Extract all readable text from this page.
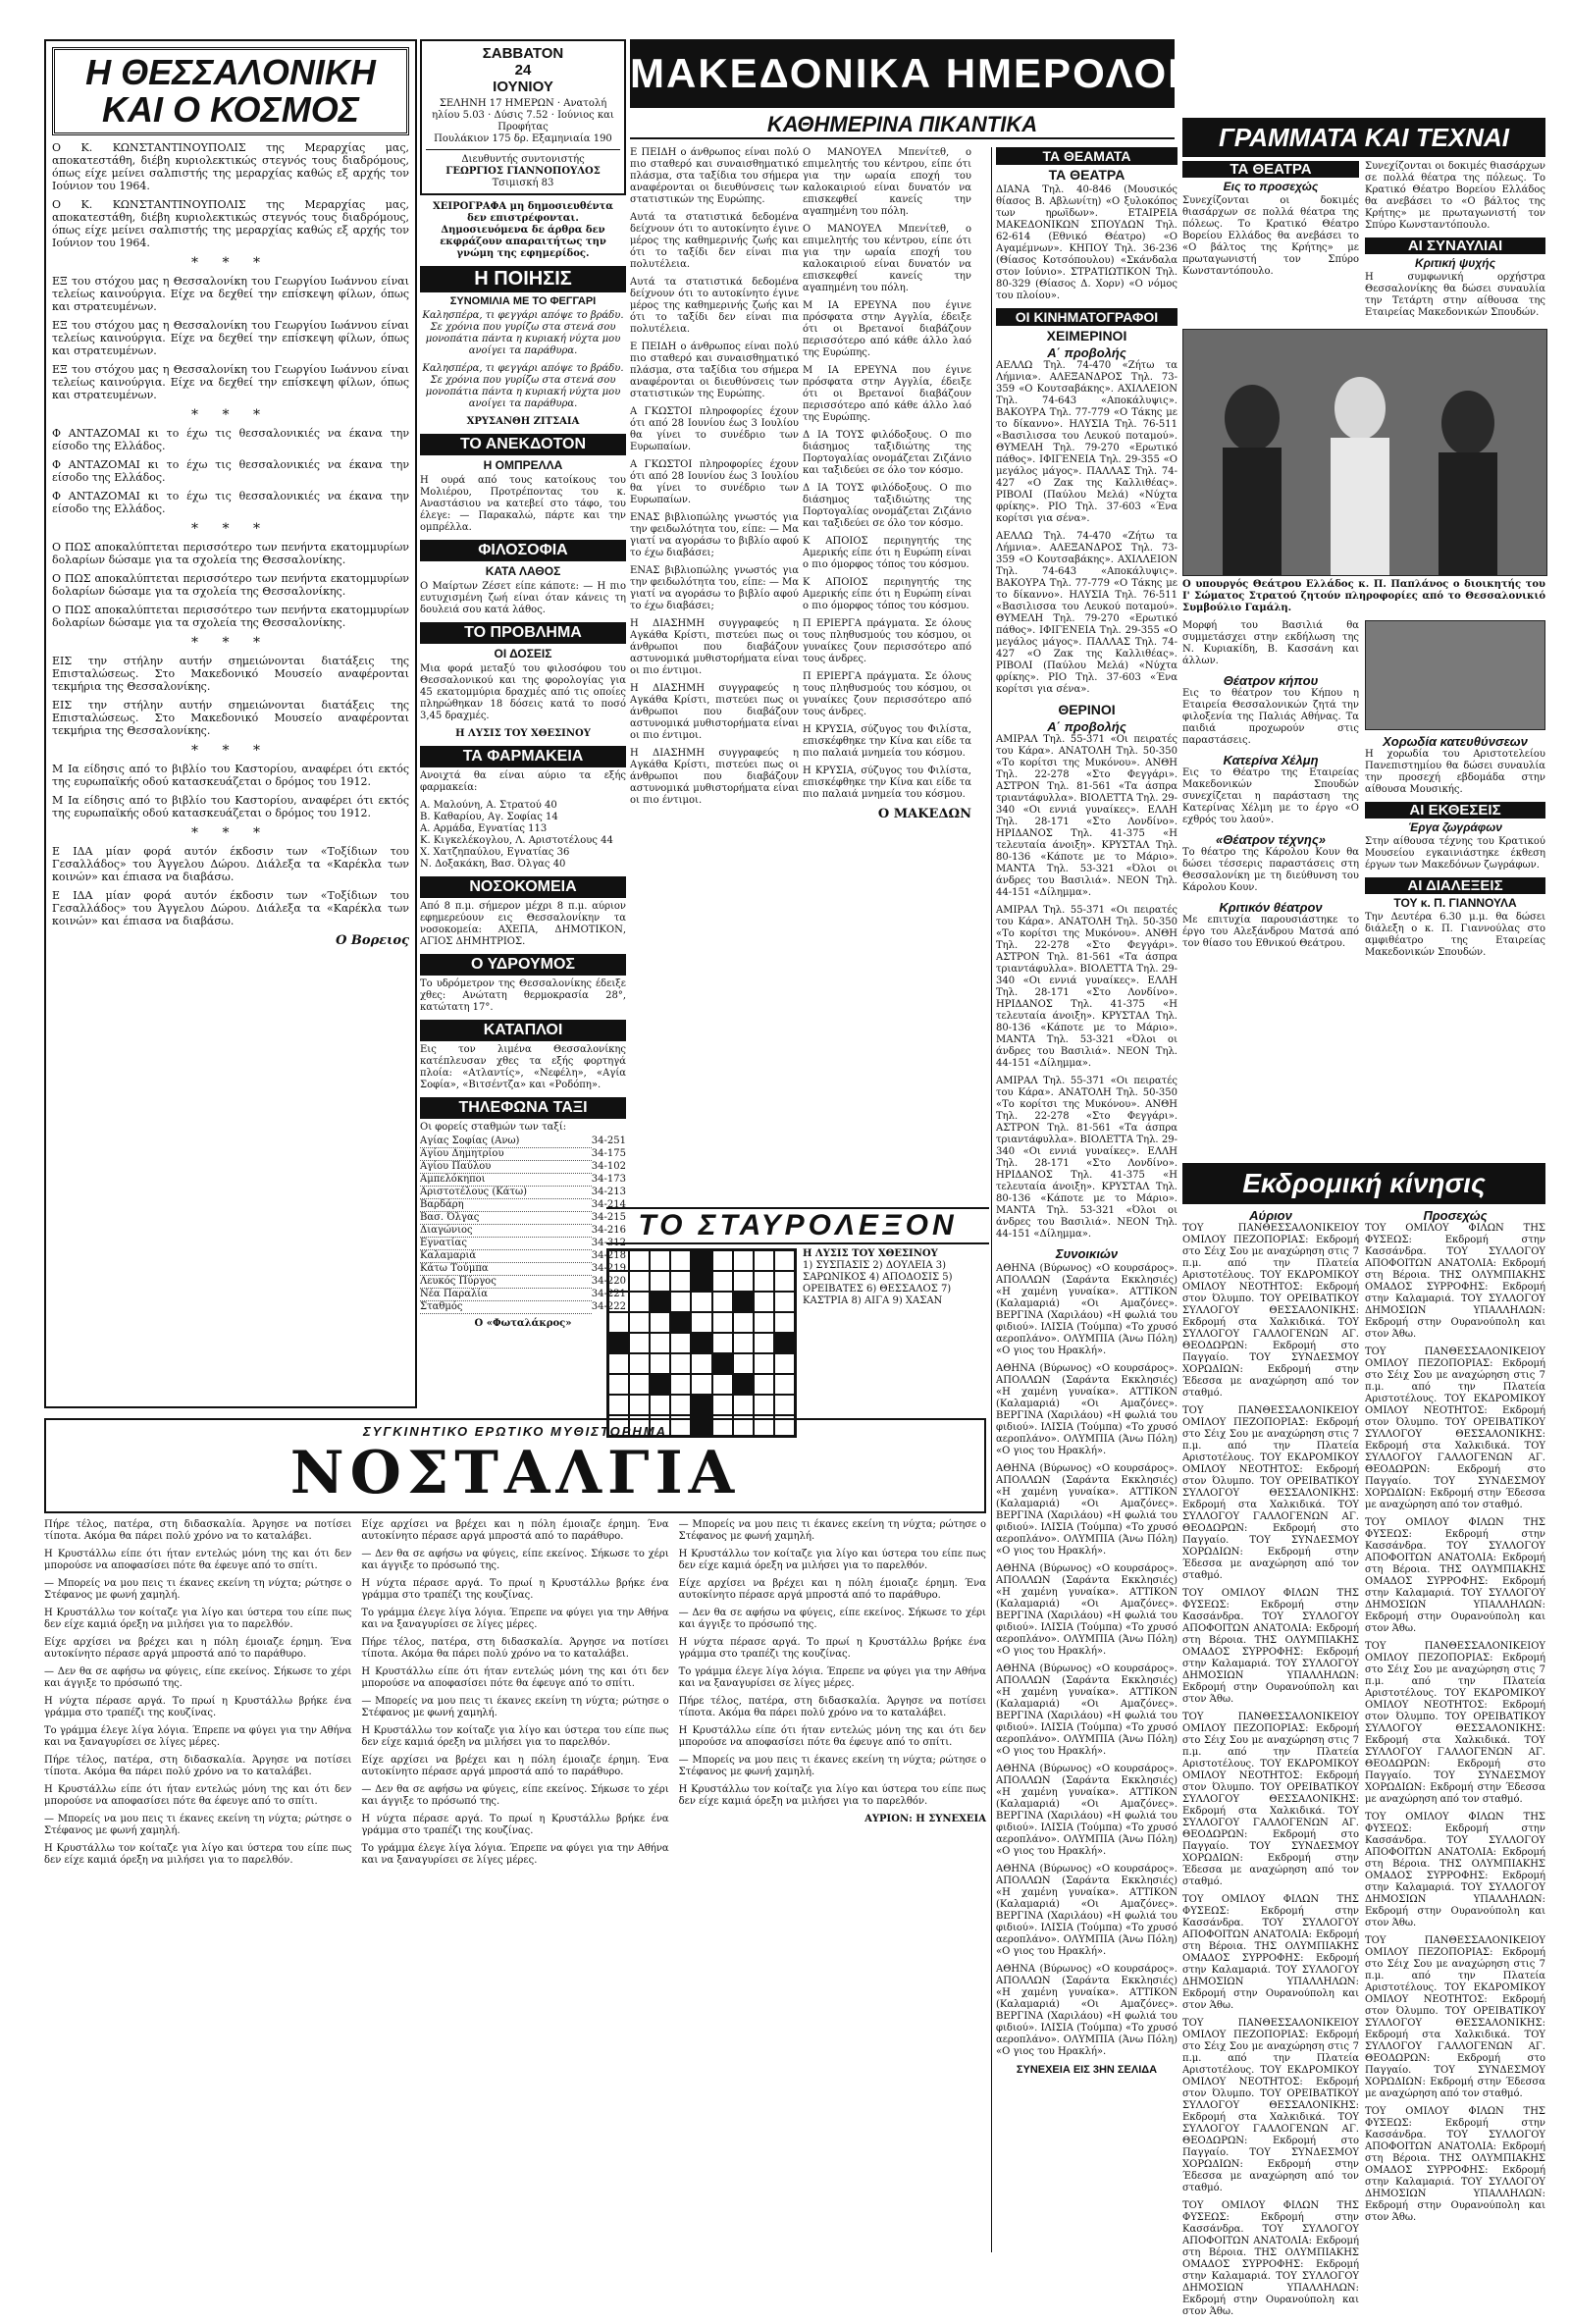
Η ΘΕΣΣΑΛΟΝΙΚΗ
ΚΑΙ Ο ΚΟΣΜΟΣ

Ο Κ. ΚΩΝΣΤΑΝΤΙΝΟΥΠΟΛΙΣ της Μεραρχίας μας, αποκατεστάθη, διέβη κυριολεκτικώς στεγνός τους διαδρόμους, όπως είχε μείνει σαλπιστής της μεραρχίας καθώς εξ αρχής τον Ιούνιον του 1964.

Ο Κ. ΚΩΝΣΤΑΝΤΙΝΟΥΠΟΛΙΣ της Μεραρχίας μας, αποκατεστάθη, διέβη κυριολεκτικώς στεγνός τους διαδρόμους, όπως είχε μείνει σαλπιστής της μεραρχίας καθώς εξ αρχής τον Ιούνιον του 1964.

* * *

ΕΞ του στόχου μας η Θεσσαλονίκη του Γεωργίου Ιωάννου είναι τελείως καινούργια. Είχε να δεχθεί την επίσκεψη φίλων, όπως και στρατευμένων.

ΕΞ του στόχου μας η Θεσσαλονίκη του Γεωργίου Ιωάννου είναι τελείως καινούργια. Είχε να δεχθεί την επίσκεψη φίλων, όπως και στρατευμένων.

ΕΞ του στόχου μας η Θεσσαλονίκη του Γεωργίου Ιωάννου είναι τελείως καινούργια. Είχε να δεχθεί την επίσκεψη φίλων, όπως και στρατευμένων.

* * *

Φ ΑΝΤΑΖΟΜΑΙ κι το έχω τις θεσσαλονικιές να έκανα την είσοδο της Ελλάδος.

Φ ΑΝΤΑΖΟΜΑΙ κι το έχω τις θεσσαλονικιές να έκανα την είσοδο της Ελλάδος.

Φ ΑΝΤΑΖΟΜΑΙ κι το έχω τις θεσσαλονικιές να έκανα την είσοδο της Ελλάδος.

* * *

Ο ΠΩΣ αποκαλύπτεται περισσότερο των πενήντα εκατομμυρίων δολαρίων δώσαμε για τα σχολεία της Θεσσαλονίκης.

Ο ΠΩΣ αποκαλύπτεται περισσότερο των πενήντα εκατομμυρίων δολαρίων δώσαμε για τα σχολεία της Θεσσαλονίκης.

Ο ΠΩΣ αποκαλύπτεται περισσότερο των πενήντα εκατομμυρίων δολαρίων δώσαμε για τα σχολεία της Θεσσαλονίκης.

* * *

ΕΙΣ την στήλην αυτήν σημειώνονται διατάξεις της Επισταλώσεως. Στο Μακεδονικό Μουσείο αναφέρονται τεκμήρια της Θεσσαλονίκης.

ΕΙΣ την στήλην αυτήν σημειώνονται διατάξεις της Επισταλώσεως. Στο Μακεδονικό Μουσείο αναφέρονται τεκμήρια της Θεσσαλονίκης.

* * *

Μ Ια είδησις από το βιβλίο του Καστορίου, αναφέρει ότι εκτός της ευρωπαϊκής οδού κατασκευάζεται ο δρόμος του 1912.

Μ Ια είδησις από το βιβλίο του Καστορίου, αναφέρει ότι εκτός της ευρωπαϊκής οδού κατασκευάζεται ο δρόμος του 1912.

* * *

Ε ΙΔΑ μίαν φορά αυτόν έκδοσιν των «Τοξίδιων του Γεσαλλάδος» του Άγγελου Δώρου. Διάλεξα τα «Καρέκλα των κοινών» και έπιασα να διαβάσω.

Ε ΙΔΑ μίαν φορά αυτόν έκδοσιν των «Τοξίδιων του Γεσαλλάδος» του Άγγελου Δώρου. Διάλεξα τα «Καρέκλα των κοινών» και έπιασα να διαβάσω.

Ο Βορειος
ΣΑΒΒΑΤΟΝ
24
ΙΟΥΝΙΟΥ
ΣΕΛΗΝΗ 17 ΗΜΕΡΩΝ · Ανατολή ηλίου 5.03 · Δύσις 7.52 · Ιούνιος και Προφήτας
Πουλάκιον 175 δρ. Εξαμηνιαία 190
Διευθυντής συντονιστής
ΓΕΩΡΓΙΟΣ ΓΙΑΝΝΟΠΟΥΛΟΣ
Τσιμισκή 83
ΧΕΙΡΟΓΡΑΦΑ μη δημοσιευθέντα δεν επιστρέφονται. Δημοσιευόμενα δε άρθρα δεν εκφράζουν απαραιτήτως την γνώμη της εφημερίδος.
Η ΠΟΙΗΣΙΣ
ΣΥΝΟΜΙΛΙΑ ΜΕ ΤΟ ΦΕΓΓΑΡΙ

Καλησπέρα, τι φεγγάρι απόψε το βράδυ. Σε χρόνια που γυρίζω στα στενά σου μονοπάτια πάντα η κυριακή νύχτα μου ανοίγει τα παράθυρα.

Καλησπέρα, τι φεγγάρι απόψε το βράδυ. Σε χρόνια που γυρίζω στα στενά σου μονοπάτια πάντα η κυριακή νύχτα μου ανοίγει τα παράθυρα.

ΧΡΥΣΑΝΘΗ ΖΙΤΣΑΙΑ
ΤΟ ΑΝΕΚΔΟΤΟΝ
Η ΟΜΠΡΕΛΛΑ

Η ουρά από τους κατοίκους του Μολιέρου, Προτρέποντας του κ. Αναστάσιου να κατεβεί στο τάφο, του έλεγε: — Παρακαλώ, πάρτε και την ομπρέλλα.

ΦΙΛΟΣΟΦΙΑ
ΚΑΤΑ ΛΑΘΟΣ

Ο Μαίρτων Ζέσετ είπε κάποτε: — Η πιο ευτυχισμένη ζωή είναι όταν κάνεις τη δουλειά σου κατά λάθος.

ΤΟ ΠΡΟΒΛΗΜΑ
ΟΙ ΔΟΣΕΙΣ

Μια φορά μεταξύ του φιλοσόφου του Θεσσαλονικού και της φορολογίας για 45 εκατομμύρια δραχμές από τις οποίες πληρώθηκαν 18 δόσεις κατά το ποσό 3,45 δραχμές.

Η ΛΥΣΙΣ ΤΟΥ ΧΘΕΣΙΝΟΥ
ΤΑ ΦΑΡΜΑΚΕΙΑ

Ανοιχτά θα είναι αύριο τα εξής φαρμακεία:

Α. Μαλούνη, Α. Στρατού 40
Β. Καθαρίου, Αγ. Σοφίας 14
Α. Αρμάδα, Εγνατίας 113
Κ. Κιγκελέκογλου, Λ. Αριστοτέλους 44
Χ. Χατζηπαύλου, Εγνατίας 36
Ν. Δοξακάκη, Βασ. Όλγας 40
ΝΟΣΟΚΟΜΕΙΑ

Από 8 π.μ. σήμερον μέχρι 8 π.μ. αύριον εφημερεύουν εις Θεσσαλονίκην τα νοσοκομεία: ΑΧΕΠΑ, ΔΗΜΟΤΙΚΟΝ, ΑΓΙΟΣ ΔΗΜΗΤΡΙΟΣ.

Ο ΥΔΡΟΥΜΟΣ

Το υδρόμετρον της Θεσσαλονίκης έδειξε χθες: Ανώτατη θερμοκρασία 28°, κατώτατη 17°.

ΚΑΤΑΠΛΟΙ

Εις τον λιμένα Θεσσαλονίκης κατέπλευσαν χθες τα εξής φορτηγά πλοία: «Ατλαντίς», «Νεφέλη», «Αγία Σοφία», «Βιτσέντζα» και «Ροδόπη».

ΤΗΛΕΦΩΝΑ ΤΑΞΙ

Οι φορείς σταθμών των ταξί:

Αγίας Σοφίας (Ανω)	34-251
Αγίου Δημητρίου	34-175
Αγίου Παύλου	34-102
Αμπελόκηποι	34-173
Αριστοτέλους (Κάτω)	34-213
Βαρδάρη	34-214
Βασ. Όλγας	34-215
Διαγώνιος	34-216
Εγνατίας	34-312
Καλαμαριά	34-218
Κάτω Τούμπα	34-219
Λευκός Πύργος	34-220
Νέα Παραλία	34-221
Σταθμός	34-222
Ο «Φωταλάκρος»
ΜΑΚΕΔΟΝΙΚΑ ΗΜΕΡΟΛΟΓΙΑ
ΚΑΘΗΜΕΡΙΝΑ ΠΙΚΑΝΤΙΚΑ

Ε ΠΕΙΔΗ ο άνθρωπος είναι πολύ πιο σταθερό και συναισθηματικό πλάσμα, στα ταξίδια του σήμερα αναφέρονται οι διευθύνσεις των στατιστικών της Ευρώπης.

Αυτά τα στατιστικά δεδομένα δείχνουν ότι το αυτοκίνητο έγινε μέρος της καθημερινής ζωής και ότι το ταξίδι δεν είναι πια πολυτέλεια.

Αυτά τα στατιστικά δεδομένα δείχνουν ότι το αυτοκίνητο έγινε μέρος της καθημερινής ζωής και ότι το ταξίδι δεν είναι πια πολυτέλεια.

Ε ΠΕΙΔΗ ο άνθρωπος είναι πολύ πιο σταθερό και συναισθηματικό πλάσμα, στα ταξίδια του σήμερα αναφέρονται οι διευθύνσεις των στατιστικών της Ευρώπης.

Α ΓΚΩΣΤΟΙ πληροφορίες έχουν ότι από 28 Ιουνίου έως 3 Ιουλίου θα γίνει το συνέδριο των Ευρωπαίων.

Α ΓΚΩΣΤΟΙ πληροφορίες έχουν ότι από 28 Ιουνίου έως 3 Ιουλίου θα γίνει το συνέδριο των Ευρωπαίων.

ΕΝΑΣ βιβλιοπώλης γνωστός για την φειδωλότητα του, είπε: — Μα γιατί να αγοράσω το βιβλίο αφού το έχω διαβάσει;

ΕΝΑΣ βιβλιοπώλης γνωστός για την φειδωλότητα του, είπε: — Μα γιατί να αγοράσω το βιβλίο αφού το έχω διαβάσει;

Η ΔΙΑΣΗΜΗ συγγραφεύς η Αγκάθα Κρίστι, πιστεύει πως οι άνθρωποι που διαβάζουν αστυνομικά μυθιστορήματα είναι οι πιο έντιμοι.

Η ΔΙΑΣΗΜΗ συγγραφεύς η Αγκάθα Κρίστι, πιστεύει πως οι άνθρωποι που διαβάζουν αστυνομικά μυθιστορήματα είναι οι πιο έντιμοι.

Η ΔΙΑΣΗΜΗ συγγραφεύς η Αγκάθα Κρίστι, πιστεύει πως οι άνθρωποι που διαβάζουν αστυνομικά μυθιστορήματα είναι οι πιο έντιμοι.

Ο ΜΑΝΟΥΕΛ Μπενίτεθ, ο επιμελητής του κέντρου, είπε ότι για την ωραία εποχή του καλοκαιριού είναι δυνατόν να επισκεφθεί κανείς την αγαπημένη του πόλη.

Ο ΜΑΝΟΥΕΛ Μπενίτεθ, ο επιμελητής του κέντρου, είπε ότι για την ωραία εποχή του καλοκαιριού είναι δυνατόν να επισκεφθεί κανείς την αγαπημένη του πόλη.

Μ ΙΑ ΕΡΕΥΝΑ που έγινε πρόσφατα στην Αγγλία, έδειξε ότι οι Βρετανοί διαβάζουν περισσότερο από κάθε άλλο λαό της Ευρώπης.

Μ ΙΑ ΕΡΕΥΝΑ που έγινε πρόσφατα στην Αγγλία, έδειξε ότι οι Βρετανοί διαβάζουν περισσότερο από κάθε άλλο λαό της Ευρώπης.

Δ ΙΑ ΤΟΥΣ φιλόδοξους. Ο πιο διάσημος ταξιδιώτης της Πορτογαλίας ονομάζεται Ζιζάνιο και ταξιδεύει σε όλο τον κόσμο.

Δ ΙΑ ΤΟΥΣ φιλόδοξους. Ο πιο διάσημος ταξιδιώτης της Πορτογαλίας ονομάζεται Ζιζάνιο και ταξιδεύει σε όλο τον κόσμο.

Κ ΑΠΟΙΟΣ περιηγητής της Αμερικής είπε ότι η Ευρώπη είναι ο πιο όμορφος τόπος του κόσμου.

Κ ΑΠΟΙΟΣ περιηγητής της Αμερικής είπε ότι η Ευρώπη είναι ο πιο όμορφος τόπος του κόσμου.

Π ΕΡΙΕΡΓΑ πράγματα. Σε όλους τους πληθυσμούς του κόσμου, οι γυναίκες ζουν περισσότερο από τους άνδρες.

Π ΕΡΙΕΡΓΑ πράγματα. Σε όλους τους πληθυσμούς του κόσμου, οι γυναίκες ζουν περισσότερο από τους άνδρες.

Η ΚΡΥΣΙΑ, σύζυγος του Φιλίστα, επισκέφθηκε την Κίνα και είδε τα πιο παλαιά μνημεία του κόσμου.

Η ΚΡΥΣΙΑ, σύζυγος του Φιλίστα, επισκέφθηκε την Κίνα και είδε τα πιο παλαιά μνημεία του κόσμου.

Ο ΜΑΚΕΔΩΝ
ΤΟ ΣΤΑΥΡΟΛΕΞΟΝ
Η ΛΥΣΙΣ ΤΟΥ ΧΘΕΣΙΝΟΥ
1) ΣΥΣΠΑΣΙΣ 2) ΔΟΥΛΕΙΑ 3) ΣΑΡΩΝΙΚΟΣ 4) ΑΠΟΔΟΣΙΣ 5) ΟΡΕΙΒΑΤΕΣ 6) ΘΕΣΣΑΛΟΣ 7) ΚΑΣΤΡΙΑ 8) ΑΙΓΑ 9) ΧΑΣΑΝ
ΤΑ ΘΕΑΜΑΤΑ
ΤΑ ΘΕΑΤΡΑ

ΔΙΑΝΑ Τηλ. 40-846 (Μουσικός θίασος Β. Αβλωνίτη) «Ο ξυλοκόπος των ηρωϊδων». ΕΤΑΙΡΕΙΑ ΜΑΚΕΔΟΝΙΚΩΝ ΣΠΟΥΔΩΝ Τηλ. 62-614 (Εθνικό Θέατρο) «Ο Αγαμέμνων». ΚΗΠΟΥ Τηλ. 36-236 (Θίασος Κοτσόπουλου) «Σκάνδαλα στον Ιούνιο». ΣΤΡΑΤΙΩΤΙΚΟΝ Τηλ. 80-329 (Θίασος Δ. Χορν) «Ο νόμος του πλοίου».

ΟΙ ΚΙΝΗΜΑΤΟΓΡΑΦΟΙ
ΧΕΙΜΕΡΙΝΟΙ
Α΄ προβολής

ΑΕΛΛΩ Τηλ. 74-470 «Ζήτω τα Λήμνια». ΑΛΕΞΑΝΔΡΟΣ Τηλ. 73-359 «Ο Κουτσαβάκης». ΑΧΙΛΛΕΙΟΝ Τηλ. 74-643 «Αποκάλυψις». ΒΑΚΟΥΡΑ Τηλ. 77-779 «Ο Τάκης με το δίκαννο». ΗΛΥΣΙΑ Τηλ. 76-511 «Βασιλισσα του Λευκού ποταμού». ΘΥΜΕΛΗ Τηλ. 79-270 «Ερωτικό πάθος». ΙΦΙΓΕΝΕΙΑ Τηλ. 29-355 «Ο μεγάλος μάγος». ΠΑΛΛΑΣ Τηλ. 74-427 «Ο Ζακ της Καλλιθέας». ΡΙΒΟΛΙ (Παύλου Μελά) «Νύχτα φρίκης». ΡΙΟ Τηλ. 37-603 «Ένα κορίτσι για σένα».

ΑΕΛΛΩ Τηλ. 74-470 «Ζήτω τα Λήμνια». ΑΛΕΞΑΝΔΡΟΣ Τηλ. 73-359 «Ο Κουτσαβάκης». ΑΧΙΛΛΕΙΟΝ Τηλ. 74-643 «Αποκάλυψις». ΒΑΚΟΥΡΑ Τηλ. 77-779 «Ο Τάκης με το δίκαννο». ΗΛΥΣΙΑ Τηλ. 76-511 «Βασιλισσα του Λευκού ποταμού». ΘΥΜΕΛΗ Τηλ. 79-270 «Ερωτικό πάθος». ΙΦΙΓΕΝΕΙΑ Τηλ. 29-355 «Ο μεγάλος μάγος». ΠΑΛΛΑΣ Τηλ. 74-427 «Ο Ζακ της Καλλιθέας». ΡΙΒΟΛΙ (Παύλου Μελά) «Νύχτα φρίκης». ΡΙΟ Τηλ. 37-603 «Ένα κορίτσι για σένα».

ΘΕΡΙΝΟΙ
Α΄ προβολής

ΑΜΙΡΑΛ Τηλ. 55-371 «Οι πειρατές του Κάρα». ΑΝΑΤΟΛΗ Τηλ. 50-350 «Το κορίτσι της Μυκόνου». ΑΝΘΗ Τηλ. 22-278 «Στο Φεγγάρι». ΑΣΤΡΟΝ Τηλ. 81-561 «Τα άσπρα τριαντάφυλλα». ΒΙΟΛΕΤΤΑ Τηλ. 29-340 «Οι εννιά γυναίκες». ΕΛΛΗ Τηλ. 28-171 «Στο Λονδίνο». ΗΡΙΔΑΝΟΣ Τηλ. 41-375 «Η τελευταία άνοιξη». ΚΡΥΣΤΑΛ Τηλ. 80-136 «Κάποτε με το Μάριο». ΜΑΝΤΑ Τηλ. 53-321 «Όλοι οι άνδρες του Βασιλιά». ΝΕΟΝ Τηλ. 44-151 «Δίλημμα».

ΑΜΙΡΑΛ Τηλ. 55-371 «Οι πειρατές του Κάρα». ΑΝΑΤΟΛΗ Τηλ. 50-350 «Το κορίτσι της Μυκόνου». ΑΝΘΗ Τηλ. 22-278 «Στο Φεγγάρι». ΑΣΤΡΟΝ Τηλ. 81-561 «Τα άσπρα τριαντάφυλλα». ΒΙΟΛΕΤΤΑ Τηλ. 29-340 «Οι εννιά γυναίκες». ΕΛΛΗ Τηλ. 28-171 «Στο Λονδίνο». ΗΡΙΔΑΝΟΣ Τηλ. 41-375 «Η τελευταία άνοιξη». ΚΡΥΣΤΑΛ Τηλ. 80-136 «Κάποτε με το Μάριο». ΜΑΝΤΑ Τηλ. 53-321 «Όλοι οι άνδρες του Βασιλιά». ΝΕΟΝ Τηλ. 44-151 «Δίλημμα».

ΑΜΙΡΑΛ Τηλ. 55-371 «Οι πειρατές του Κάρα». ΑΝΑΤΟΛΗ Τηλ. 50-350 «Το κορίτσι της Μυκόνου». ΑΝΘΗ Τηλ. 22-278 «Στο Φεγγάρι». ΑΣΤΡΟΝ Τηλ. 81-561 «Τα άσπρα τριαντάφυλλα». ΒΙΟΛΕΤΤΑ Τηλ. 29-340 «Οι εννιά γυναίκες». ΕΛΛΗ Τηλ. 28-171 «Στο Λονδίνο». ΗΡΙΔΑΝΟΣ Τηλ. 41-375 «Η τελευταία άνοιξη». ΚΡΥΣΤΑΛ Τηλ. 80-136 «Κάποτε με το Μάριο». ΜΑΝΤΑ Τηλ. 53-321 «Όλοι οι άνδρες του Βασιλιά». ΝΕΟΝ Τηλ. 44-151 «Δίλημμα».

Συνοικιών

ΑΘΗΝΑ (Βύρωνος) «Ο κουρσάρος». ΑΠΟΛΛΩΝ (Σαράντα Εκκλησιές) «Η χαμένη γυναίκα». ΑΤΤΙΚΟΝ (Καλαμαριά) «Οι Αμαζόνες». ΒΕΡΓΙΝΑ (Χαριλάου) «Η φωλιά του φιδιού». ΙΛΙΣΙΑ (Τούμπα) «Το χρυσό αεροπλάνο». ΟΛΥΜΠΙΑ (Άνω Πόλη) «Ο γιος του Ηρακλή».

ΑΘΗΝΑ (Βύρωνος) «Ο κουρσάρος». ΑΠΟΛΛΩΝ (Σαράντα Εκκλησιές) «Η χαμένη γυναίκα». ΑΤΤΙΚΟΝ (Καλαμαριά) «Οι Αμαζόνες». ΒΕΡΓΙΝΑ (Χαριλάου) «Η φωλιά του φιδιού». ΙΛΙΣΙΑ (Τούμπα) «Το χρυσό αεροπλάνο». ΟΛΥΜΠΙΑ (Άνω Πόλη) «Ο γιος του Ηρακλή».

ΑΘΗΝΑ (Βύρωνος) «Ο κουρσάρος». ΑΠΟΛΛΩΝ (Σαράντα Εκκλησιές) «Η χαμένη γυναίκα». ΑΤΤΙΚΟΝ (Καλαμαριά) «Οι Αμαζόνες». ΒΕΡΓΙΝΑ (Χαριλάου) «Η φωλιά του φιδιού». ΙΛΙΣΙΑ (Τούμπα) «Το χρυσό αεροπλάνο». ΟΛΥΜΠΙΑ (Άνω Πόλη) «Ο γιος του Ηρακλή».

ΑΘΗΝΑ (Βύρωνος) «Ο κουρσάρος». ΑΠΟΛΛΩΝ (Σαράντα Εκκλησιές) «Η χαμένη γυναίκα». ΑΤΤΙΚΟΝ (Καλαμαριά) «Οι Αμαζόνες». ΒΕΡΓΙΝΑ (Χαριλάου) «Η φωλιά του φιδιού». ΙΛΙΣΙΑ (Τούμπα) «Το χρυσό αεροπλάνο». ΟΛΥΜΠΙΑ (Άνω Πόλη) «Ο γιος του Ηρακλή».

ΑΘΗΝΑ (Βύρωνος) «Ο κουρσάρος». ΑΠΟΛΛΩΝ (Σαράντα Εκκλησιές) «Η χαμένη γυναίκα». ΑΤΤΙΚΟΝ (Καλαμαριά) «Οι Αμαζόνες». ΒΕΡΓΙΝΑ (Χαριλάου) «Η φωλιά του φιδιού». ΙΛΙΣΙΑ (Τούμπα) «Το χρυσό αεροπλάνο». ΟΛΥΜΠΙΑ (Άνω Πόλη) «Ο γιος του Ηρακλή».

ΑΘΗΝΑ (Βύρωνος) «Ο κουρσάρος». ΑΠΟΛΛΩΝ (Σαράντα Εκκλησιές) «Η χαμένη γυναίκα». ΑΤΤΙΚΟΝ (Καλαμαριά) «Οι Αμαζόνες». ΒΕΡΓΙΝΑ (Χαριλάου) «Η φωλιά του φιδιού». ΙΛΙΣΙΑ (Τούμπα) «Το χρυσό αεροπλάνο». ΟΛΥΜΠΙΑ (Άνω Πόλη) «Ο γιος του Ηρακλή».

ΑΘΗΝΑ (Βύρωνος) «Ο κουρσάρος». ΑΠΟΛΛΩΝ (Σαράντα Εκκλησιές) «Η χαμένη γυναίκα». ΑΤΤΙΚΟΝ (Καλαμαριά) «Οι Αμαζόνες». ΒΕΡΓΙΝΑ (Χαριλάου) «Η φωλιά του φιδιού». ΙΛΙΣΙΑ (Τούμπα) «Το χρυσό αεροπλάνο». ΟΛΥΜΠΙΑ (Άνω Πόλη) «Ο γιος του Ηρακλή».

ΑΘΗΝΑ (Βύρωνος) «Ο κουρσάρος». ΑΠΟΛΛΩΝ (Σαράντα Εκκλησιές) «Η χαμένη γυναίκα». ΑΤΤΙΚΟΝ (Καλαμαριά) «Οι Αμαζόνες». ΒΕΡΓΙΝΑ (Χαριλάου) «Η φωλιά του φιδιού». ΙΛΙΣΙΑ (Τούμπα) «Το χρυσό αεροπλάνο». ΟΛΥΜΠΙΑ (Άνω Πόλη) «Ο γιος του Ηρακλή».

ΣΥΝΕΧΕΙΑ ΕΙΣ 3ΗΝ ΣΕΛΙΔΑ
ΓΡΑΜΜΑΤΑ ΚΑΙ ΤΕΧΝΑΙ
ΤΑ ΘΕΑΤΡΑ
Εις το προσεχώς

Συνεχίζονται οι δοκιμές θιασάρχων σε πολλά θέατρα της πόλεως. Το Κρατικό Θέατρο Βορείου Ελλάδος θα ανεβάσει το «Ο βάλτος της Κρήτης» με πρωταγωνιστή τον Σπύρο Κωνσταντόπουλο.

Συνεχίζονται οι δοκιμές θιασάρχων σε πολλά θέατρα της πόλεως. Το Κρατικό Θέατρο Βορείου Ελλάδος θα ανεβάσει το «Ο βάλτος της Κρήτης» με πρωταγωνιστή τον Σπύρο Κωνσταντόπουλο.

ΑΙ ΣΥΝΑΥΛΙΑΙ
Κριτική ψυχής

Η συμφωνική ορχήστρα Θεσσαλονίκης θα δώσει συναυλία την Τετάρτη στην αίθουσα της Εταιρείας Μακεδονικών Σπουδών.

Ο υπουργός Θεάτρου Ελλάδος κ. Π. Παπλάνος ο διοικητής του Ι' Σώματος Στρατού ζητούν πληροφορίες από το Θεσσαλονικιό Συμβούλιο Γαμάλη.

Μορφή του Βασιλιά θα συμμετάσχει στην εκδήλωση της Ν. Κυριακίδη, Β. Κασσάνη και άλλων.

Θέατρον κήπου

Εις το θέατρον του Κήπου η Εταιρεία Θεσσαλονικών ζητά την φιλοξενία της Παλιάς Αθήνας. Τα παιδιά προχωρούν στις παραστάσεις.

Κατερίνα Χέλμη

Εις το Θέατρο της Εταιρείας Μακεδονικών Σπουδών συνεχίζεται η παράσταση της Κατερίνας Χέλμη με το έργο «Ο εχθρός του λαού».

«Θέατρον τέχνης»

Το θέατρο της Κάρολου Κουν θα δώσει τέσσερις παραστάσεις στη Θεσσαλονίκη με τη διεύθυνση του Κάρολου Κουν.

Κριτικόν θέατρον

Με επιτυχία παρουσιάστηκε το έργο του Αλεξάνδρου Ματσά από τον θίασο του Εθνικού Θεάτρου.

Χορωδία κατευθύνσεων

Η χορωδία του Αριστοτελείου Πανεπιστημίου θα δώσει συναυλία την προσεχή εβδομάδα στην αίθουσα Μουσικής.

ΑΙ ΕΚΘΕΣΕΙΣ
Έργα ζωγράφων

Στην αίθουσα τέχνης του Κρατικού Μουσείου εγκαινιάστηκε έκθεση έργων των Μακεδόνων ζωγράφων.

ΑΙ ΔΙΑΛΕΞΕΙΣ
ΤΟΥ κ. Π. ΓΙΑΝΝΟΥΛΑ

Την Δευτέρα 6.30 μ.μ. θα δώσει διάλεξη ο κ. Π. Γιαννούλας στο αμφιθέατρο της Εταιρείας Μακεδονικών Σπουδών.

Εκδρομική κίνησις
Αύριον

ΤΟΥ ΠΑΝΘΕΣΣΑΛΟΝΙΚΕΙΟΥ ΟΜΙΛΟΥ ΠΕΖΟΠΟΡΙΑΣ: Εκδρομή στο Σέιχ Σου με αναχώρηση στις 7 π.μ. από την Πλατεία Αριστοτέλους. ΤΟΥ ΕΚΔΡΟΜΙΚΟΥ ΟΜΙΛΟΥ ΝΕΟΤΗΤΟΣ: Εκδρομή στον Όλυμπο. ΤΟΥ ΟΡΕΙΒΑΤΙΚΟΥ ΣΥΛΛΟΓΟΥ ΘΕΣΣΑΛΟΝΙΚΗΣ: Εκδρομή στα Χαλκιδικά. ΤΟΥ ΣΥΛΛΟΓΟΥ ΓΑΛΛΟΓΕΝΩΝ ΑΓ. ΘΕΟΔΩΡΩΝ: Εκδρομή στο Παγγαίο. ΤΟΥ ΣΥΝΔΕΣΜΟΥ ΧΟΡΩΔΙΩΝ: Εκδρομή στην Έδεσσα με αναχώρηση από τον σταθμό.

ΤΟΥ ΠΑΝΘΕΣΣΑΛΟΝΙΚΕΙΟΥ ΟΜΙΛΟΥ ΠΕΖΟΠΟΡΙΑΣ: Εκδρομή στο Σέιχ Σου με αναχώρηση στις 7 π.μ. από την Πλατεία Αριστοτέλους. ΤΟΥ ΕΚΔΡΟΜΙΚΟΥ ΟΜΙΛΟΥ ΝΕΟΤΗΤΟΣ: Εκδρομή στον Όλυμπο. ΤΟΥ ΟΡΕΙΒΑΤΙΚΟΥ ΣΥΛΛΟΓΟΥ ΘΕΣΣΑΛΟΝΙΚΗΣ: Εκδρομή στα Χαλκιδικά. ΤΟΥ ΣΥΛΛΟΓΟΥ ΓΑΛΛΟΓΕΝΩΝ ΑΓ. ΘΕΟΔΩΡΩΝ: Εκδρομή στο Παγγαίο. ΤΟΥ ΣΥΝΔΕΣΜΟΥ ΧΟΡΩΔΙΩΝ: Εκδρομή στην Έδεσσα με αναχώρηση από τον σταθμό.

ΤΟΥ ΟΜΙΛΟΥ ΦΙΛΩΝ ΤΗΣ ΦΥΣΕΩΣ: Εκδρομή στην Κασσάνδρα. ΤΟΥ ΣΥΛΛΟΓΟΥ ΑΠΟΦΟΙΤΩΝ ΑΝΑΤΟΛΙΑ: Εκδρομή στη Βέροια. ΤΗΣ ΟΛΥΜΠΙΑΚΗΣ ΟΜΑΔΟΣ ΣΥΡΡΟΦΗΣ: Εκδρομή στην Καλαμαριά. ΤΟΥ ΣΥΛΛΟΓΟΥ ΔΗΜΟΣΙΩΝ ΥΠΑΛΛΗΛΩΝ: Εκδρομή στην Ουρανούπολη και στον Άθω.

ΤΟΥ ΠΑΝΘΕΣΣΑΛΟΝΙΚΕΙΟΥ ΟΜΙΛΟΥ ΠΕΖΟΠΟΡΙΑΣ: Εκδρομή στο Σέιχ Σου με αναχώρηση στις 7 π.μ. από την Πλατεία Αριστοτέλους. ΤΟΥ ΕΚΔΡΟΜΙΚΟΥ ΟΜΙΛΟΥ ΝΕΟΤΗΤΟΣ: Εκδρομή στον Όλυμπο. ΤΟΥ ΟΡΕΙΒΑΤΙΚΟΥ ΣΥΛΛΟΓΟΥ ΘΕΣΣΑΛΟΝΙΚΗΣ: Εκδρομή στα Χαλκιδικά. ΤΟΥ ΣΥΛΛΟΓΟΥ ΓΑΛΛΟΓΕΝΩΝ ΑΓ. ΘΕΟΔΩΡΩΝ: Εκδρομή στο Παγγαίο. ΤΟΥ ΣΥΝΔΕΣΜΟΥ ΧΟΡΩΔΙΩΝ: Εκδρομή στην Έδεσσα με αναχώρηση από τον σταθμό.

ΤΟΥ ΟΜΙΛΟΥ ΦΙΛΩΝ ΤΗΣ ΦΥΣΕΩΣ: Εκδρομή στην Κασσάνδρα. ΤΟΥ ΣΥΛΛΟΓΟΥ ΑΠΟΦΟΙΤΩΝ ΑΝΑΤΟΛΙΑ: Εκδρομή στη Βέροια. ΤΗΣ ΟΛΥΜΠΙΑΚΗΣ ΟΜΑΔΟΣ ΣΥΡΡΟΦΗΣ: Εκδρομή στην Καλαμαριά. ΤΟΥ ΣΥΛΛΟΓΟΥ ΔΗΜΟΣΙΩΝ ΥΠΑΛΛΗΛΩΝ: Εκδρομή στην Ουρανούπολη και στον Άθω.

ΤΟΥ ΠΑΝΘΕΣΣΑΛΟΝΙΚΕΙΟΥ ΟΜΙΛΟΥ ΠΕΖΟΠΟΡΙΑΣ: Εκδρομή στο Σέιχ Σου με αναχώρηση στις 7 π.μ. από την Πλατεία Αριστοτέλους. ΤΟΥ ΕΚΔΡΟΜΙΚΟΥ ΟΜΙΛΟΥ ΝΕΟΤΗΤΟΣ: Εκδρομή στον Όλυμπο. ΤΟΥ ΟΡΕΙΒΑΤΙΚΟΥ ΣΥΛΛΟΓΟΥ ΘΕΣΣΑΛΟΝΙΚΗΣ: Εκδρομή στα Χαλκιδικά. ΤΟΥ ΣΥΛΛΟΓΟΥ ΓΑΛΛΟΓΕΝΩΝ ΑΓ. ΘΕΟΔΩΡΩΝ: Εκδρομή στο Παγγαίο. ΤΟΥ ΣΥΝΔΕΣΜΟΥ ΧΟΡΩΔΙΩΝ: Εκδρομή στην Έδεσσα με αναχώρηση από τον σταθμό.

ΤΟΥ ΟΜΙΛΟΥ ΦΙΛΩΝ ΤΗΣ ΦΥΣΕΩΣ: Εκδρομή στην Κασσάνδρα. ΤΟΥ ΣΥΛΛΟΓΟΥ ΑΠΟΦΟΙΤΩΝ ΑΝΑΤΟΛΙΑ: Εκδρομή στη Βέροια. ΤΗΣ ΟΛΥΜΠΙΑΚΗΣ ΟΜΑΔΟΣ ΣΥΡΡΟΦΗΣ: Εκδρομή στην Καλαμαριά. ΤΟΥ ΣΥΛΛΟΓΟΥ ΔΗΜΟΣΙΩΝ ΥΠΑΛΛΗΛΩΝ: Εκδρομή στην Ουρανούπολη και στον Άθω.

Προσεχώς

ΤΟΥ ΟΜΙΛΟΥ ΦΙΛΩΝ ΤΗΣ ΦΥΣΕΩΣ: Εκδρομή στην Κασσάνδρα. ΤΟΥ ΣΥΛΛΟΓΟΥ ΑΠΟΦΟΙΤΩΝ ΑΝΑΤΟΛΙΑ: Εκδρομή στη Βέροια. ΤΗΣ ΟΛΥΜΠΙΑΚΗΣ ΟΜΑΔΟΣ ΣΥΡΡΟΦΗΣ: Εκδρομή στην Καλαμαριά. ΤΟΥ ΣΥΛΛΟΓΟΥ ΔΗΜΟΣΙΩΝ ΥΠΑΛΛΗΛΩΝ: Εκδρομή στην Ουρανούπολη και στον Άθω.

ΤΟΥ ΠΑΝΘΕΣΣΑΛΟΝΙΚΕΙΟΥ ΟΜΙΛΟΥ ΠΕΖΟΠΟΡΙΑΣ: Εκδρομή στο Σέιχ Σου με αναχώρηση στις 7 π.μ. από την Πλατεία Αριστοτέλους. ΤΟΥ ΕΚΔΡΟΜΙΚΟΥ ΟΜΙΛΟΥ ΝΕΟΤΗΤΟΣ: Εκδρομή στον Όλυμπο. ΤΟΥ ΟΡΕΙΒΑΤΙΚΟΥ ΣΥΛΛΟΓΟΥ ΘΕΣΣΑΛΟΝΙΚΗΣ: Εκδρομή στα Χαλκιδικά. ΤΟΥ ΣΥΛΛΟΓΟΥ ΓΑΛΛΟΓΕΝΩΝ ΑΓ. ΘΕΟΔΩΡΩΝ: Εκδρομή στο Παγγαίο. ΤΟΥ ΣΥΝΔΕΣΜΟΥ ΧΟΡΩΔΙΩΝ: Εκδρομή στην Έδεσσα με αναχώρηση από τον σταθμό.

ΤΟΥ ΟΜΙΛΟΥ ΦΙΛΩΝ ΤΗΣ ΦΥΣΕΩΣ: Εκδρομή στην Κασσάνδρα. ΤΟΥ ΣΥΛΛΟΓΟΥ ΑΠΟΦΟΙΤΩΝ ΑΝΑΤΟΛΙΑ: Εκδρομή στη Βέροια. ΤΗΣ ΟΛΥΜΠΙΑΚΗΣ ΟΜΑΔΟΣ ΣΥΡΡΟΦΗΣ: Εκδρομή στην Καλαμαριά. ΤΟΥ ΣΥΛΛΟΓΟΥ ΔΗΜΟΣΙΩΝ ΥΠΑΛΛΗΛΩΝ: Εκδρομή στην Ουρανούπολη και στον Άθω.

ΤΟΥ ΠΑΝΘΕΣΣΑΛΟΝΙΚΕΙΟΥ ΟΜΙΛΟΥ ΠΕΖΟΠΟΡΙΑΣ: Εκδρομή στο Σέιχ Σου με αναχώρηση στις 7 π.μ. από την Πλατεία Αριστοτέλους. ΤΟΥ ΕΚΔΡΟΜΙΚΟΥ ΟΜΙΛΟΥ ΝΕΟΤΗΤΟΣ: Εκδρομή στον Όλυμπο. ΤΟΥ ΟΡΕΙΒΑΤΙΚΟΥ ΣΥΛΛΟΓΟΥ ΘΕΣΣΑΛΟΝΙΚΗΣ: Εκδρομή στα Χαλκιδικά. ΤΟΥ ΣΥΛΛΟΓΟΥ ΓΑΛΛΟΓΕΝΩΝ ΑΓ. ΘΕΟΔΩΡΩΝ: Εκδρομή στο Παγγαίο. ΤΟΥ ΣΥΝΔΕΣΜΟΥ ΧΟΡΩΔΙΩΝ: Εκδρομή στην Έδεσσα με αναχώρηση από τον σταθμό.

ΤΟΥ ΟΜΙΛΟΥ ΦΙΛΩΝ ΤΗΣ ΦΥΣΕΩΣ: Εκδρομή στην Κασσάνδρα. ΤΟΥ ΣΥΛΛΟΓΟΥ ΑΠΟΦΟΙΤΩΝ ΑΝΑΤΟΛΙΑ: Εκδρομή στη Βέροια. ΤΗΣ ΟΛΥΜΠΙΑΚΗΣ ΟΜΑΔΟΣ ΣΥΡΡΟΦΗΣ: Εκδρομή στην Καλαμαριά. ΤΟΥ ΣΥΛΛΟΓΟΥ ΔΗΜΟΣΙΩΝ ΥΠΑΛΛΗΛΩΝ: Εκδρομή στην Ουρανούπολη και στον Άθω.

ΤΟΥ ΠΑΝΘΕΣΣΑΛΟΝΙΚΕΙΟΥ ΟΜΙΛΟΥ ΠΕΖΟΠΟΡΙΑΣ: Εκδρομή στο Σέιχ Σου με αναχώρηση στις 7 π.μ. από την Πλατεία Αριστοτέλους. ΤΟΥ ΕΚΔΡΟΜΙΚΟΥ ΟΜΙΛΟΥ ΝΕΟΤΗΤΟΣ: Εκδρομή στον Όλυμπο. ΤΟΥ ΟΡΕΙΒΑΤΙΚΟΥ ΣΥΛΛΟΓΟΥ ΘΕΣΣΑΛΟΝΙΚΗΣ: Εκδρομή στα Χαλκιδικά. ΤΟΥ ΣΥΛΛΟΓΟΥ ΓΑΛΛΟΓΕΝΩΝ ΑΓ. ΘΕΟΔΩΡΩΝ: Εκδρομή στο Παγγαίο. ΤΟΥ ΣΥΝΔΕΣΜΟΥ ΧΟΡΩΔΙΩΝ: Εκδρομή στην Έδεσσα με αναχώρηση από τον σταθμό.

ΤΟΥ ΟΜΙΛΟΥ ΦΙΛΩΝ ΤΗΣ ΦΥΣΕΩΣ: Εκδρομή στην Κασσάνδρα. ΤΟΥ ΣΥΛΛΟΓΟΥ ΑΠΟΦΟΙΤΩΝ ΑΝΑΤΟΛΙΑ: Εκδρομή στη Βέροια. ΤΗΣ ΟΛΥΜΠΙΑΚΗΣ ΟΜΑΔΟΣ ΣΥΡΡΟΦΗΣ: Εκδρομή στην Καλαμαριά. ΤΟΥ ΣΥΛΛΟΓΟΥ ΔΗΜΟΣΙΩΝ ΥΠΑΛΛΗΛΩΝ: Εκδρομή στην Ουρανούπολη και στον Άθω.

ΣΥΓΚΙΝΗΤΙΚΟ ΕΡΩΤΙΚΟ ΜΥΘΙΣΤΟΡΗΜΑ
ΝΟΣΤΑΛΓΙΑ

Πήρε τέλος, πατέρα, στη διδασκαλία. Άργησε να ποτίσει τίποτα. Ακόμα θα πάρει πολύ χρόνο να το καταλάβει.

Η Κρυστάλλω είπε ότι ήταν εντελώς μόνη της και ότι δεν μπορούσε να αποφασίσει πότε θα έφευγε από το σπίτι.

— Μπορείς να μου πεις τι έκανες εκείνη τη νύχτα; ρώτησε ο Στέφανος με φωνή χαμηλή.

Η Κρυστάλλω τον κοίταζε για λίγο και ύστερα του είπε πως δεν είχε καμιά όρεξη να μιλήσει για το παρελθόν.

Είχε αρχίσει να βρέχει και η πόλη έμοιαζε έρημη. Ένα αυτοκίνητο πέρασε αργά μπροστά από το παράθυρο.

— Δεν θα σε αφήσω να φύγεις, είπε εκείνος. Σήκωσε το χέρι και άγγιξε το πρόσωπό της.

Η νύχτα πέρασε αργά. Το πρωί η Κρυστάλλω βρήκε ένα γράμμα στο τραπέζι της κουζίνας.

Το γράμμα έλεγε λίγα λόγια. Έπρεπε να φύγει για την Αθήνα και να ξαναγυρίσει σε λίγες μέρες.

Πήρε τέλος, πατέρα, στη διδασκαλία. Άργησε να ποτίσει τίποτα. Ακόμα θα πάρει πολύ χρόνο να το καταλάβει.

Η Κρυστάλλω είπε ότι ήταν εντελώς μόνη της και ότι δεν μπορούσε να αποφασίσει πότε θα έφευγε από το σπίτι.

— Μπορείς να μου πεις τι έκανες εκείνη τη νύχτα; ρώτησε ο Στέφανος με φωνή χαμηλή.

Η Κρυστάλλω τον κοίταζε για λίγο και ύστερα του είπε πως δεν είχε καμιά όρεξη να μιλήσει για το παρελθόν.

Είχε αρχίσει να βρέχει και η πόλη έμοιαζε έρημη. Ένα αυτοκίνητο πέρασε αργά μπροστά από το παράθυρο.

— Δεν θα σε αφήσω να φύγεις, είπε εκείνος. Σήκωσε το χέρι και άγγιξε το πρόσωπό της.

Η νύχτα πέρασε αργά. Το πρωί η Κρυστάλλω βρήκε ένα γράμμα στο τραπέζι της κουζίνας.

Το γράμμα έλεγε λίγα λόγια. Έπρεπε να φύγει για την Αθήνα και να ξαναγυρίσει σε λίγες μέρες.

Πήρε τέλος, πατέρα, στη διδασκαλία. Άργησε να ποτίσει τίποτα. Ακόμα θα πάρει πολύ χρόνο να το καταλάβει.

Η Κρυστάλλω είπε ότι ήταν εντελώς μόνη της και ότι δεν μπορούσε να αποφασίσει πότε θα έφευγε από το σπίτι.

— Μπορείς να μου πεις τι έκανες εκείνη τη νύχτα; ρώτησε ο Στέφανος με φωνή χαμηλή.

Η Κρυστάλλω τον κοίταζε για λίγο και ύστερα του είπε πως δεν είχε καμιά όρεξη να μιλήσει για το παρελθόν.

Είχε αρχίσει να βρέχει και η πόλη έμοιαζε έρημη. Ένα αυτοκίνητο πέρασε αργά μπροστά από το παράθυρο.

— Δεν θα σε αφήσω να φύγεις, είπε εκείνος. Σήκωσε το χέρι και άγγιξε το πρόσωπό της.

Η νύχτα πέρασε αργά. Το πρωί η Κρυστάλλω βρήκε ένα γράμμα στο τραπέζι της κουζίνας.

Το γράμμα έλεγε λίγα λόγια. Έπρεπε να φύγει για την Αθήνα και να ξαναγυρίσει σε λίγες μέρες.

— Μπορείς να μου πεις τι έκανες εκείνη τη νύχτα; ρώτησε ο Στέφανος με φωνή χαμηλή.

Η Κρυστάλλω τον κοίταζε για λίγο και ύστερα του είπε πως δεν είχε καμιά όρεξη να μιλήσει για το παρελθόν.

Είχε αρχίσει να βρέχει και η πόλη έμοιαζε έρημη. Ένα αυτοκίνητο πέρασε αργά μπροστά από το παράθυρο.

— Δεν θα σε αφήσω να φύγεις, είπε εκείνος. Σήκωσε το χέρι και άγγιξε το πρόσωπό της.

Η νύχτα πέρασε αργά. Το πρωί η Κρυστάλλω βρήκε ένα γράμμα στο τραπέζι της κουζίνας.

Το γράμμα έλεγε λίγα λόγια. Έπρεπε να φύγει για την Αθήνα και να ξαναγυρίσει σε λίγες μέρες.

Πήρε τέλος, πατέρα, στη διδασκαλία. Άργησε να ποτίσει τίποτα. Ακόμα θα πάρει πολύ χρόνο να το καταλάβει.

Η Κρυστάλλω είπε ότι ήταν εντελώς μόνη της και ότι δεν μπορούσε να αποφασίσει πότε θα έφευγε από το σπίτι.

— Μπορείς να μου πεις τι έκανες εκείνη τη νύχτα; ρώτησε ο Στέφανος με φωνή χαμηλή.

Η Κρυστάλλω τον κοίταζε για λίγο και ύστερα του είπε πως δεν είχε καμιά όρεξη να μιλήσει για το παρελθόν.

ΑΥΡΙΟΝ: Η ΣΥΝΕΧΕΙΑ
